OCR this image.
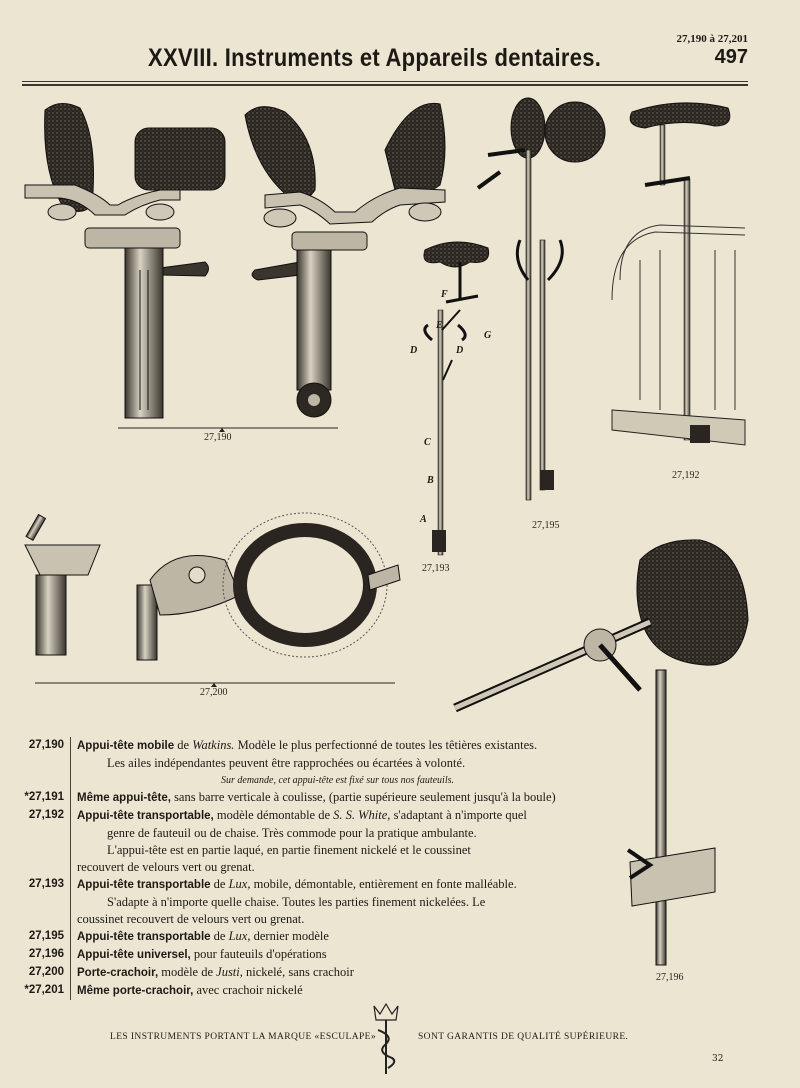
27,190 à 27,201
XXVIII. Instruments et Appareils dentaires.	497
27,190
27,192
27,193
27,195
27,200
27,196
F
E
G
D	D
C
B
A
27,190	Appui-tête mobile de Watkins. Modèle le plus perfectionné de toutes les têtières existantes.
Les ailes indépendantes peuvent être rapprochées ou écartées à volonté.
Sur demande, cet appui-tête est fixé sur tous nos fauteuils.
*27,191	Même appui-tête, sans barre verticale à coulisse, (partie supérieure seulement jusqu'à la boule)
27,192	Appui-tête transportable, modèle démontable de S. S. White, s'adaptant à n'importe quel
genre de fauteuil ou de chaise. Très commode pour la pratique ambulante.
L'appui-tête est en partie laqué, en partie finement nickelé et le coussinet
recouvert de velours vert ou grenat.
27,193	Appui-tête transportable de Lux, mobile, démontable, entièrement en fonte malléable.
S'adapte à n'importe quelle chaise. Toutes les parties finement nickelées. Le
coussinet recouvert de velours vert ou grenat.
27,195	Appui-tête transportable de Lux, dernier modèle
27,196	Appui-tête universel, pour fauteuils d'opérations
27,200	Porte-crachoir, modèle de Justi, nickelé, sans crachoir
*27,201	Même porte-crachoir, avec crachoir nickelé
LES INSTRUMENTS PORTANT LA MARQUE «ESCULAPE»	SONT GARANTIS DE QUALITÉ SUPÉRIEURE.
32
